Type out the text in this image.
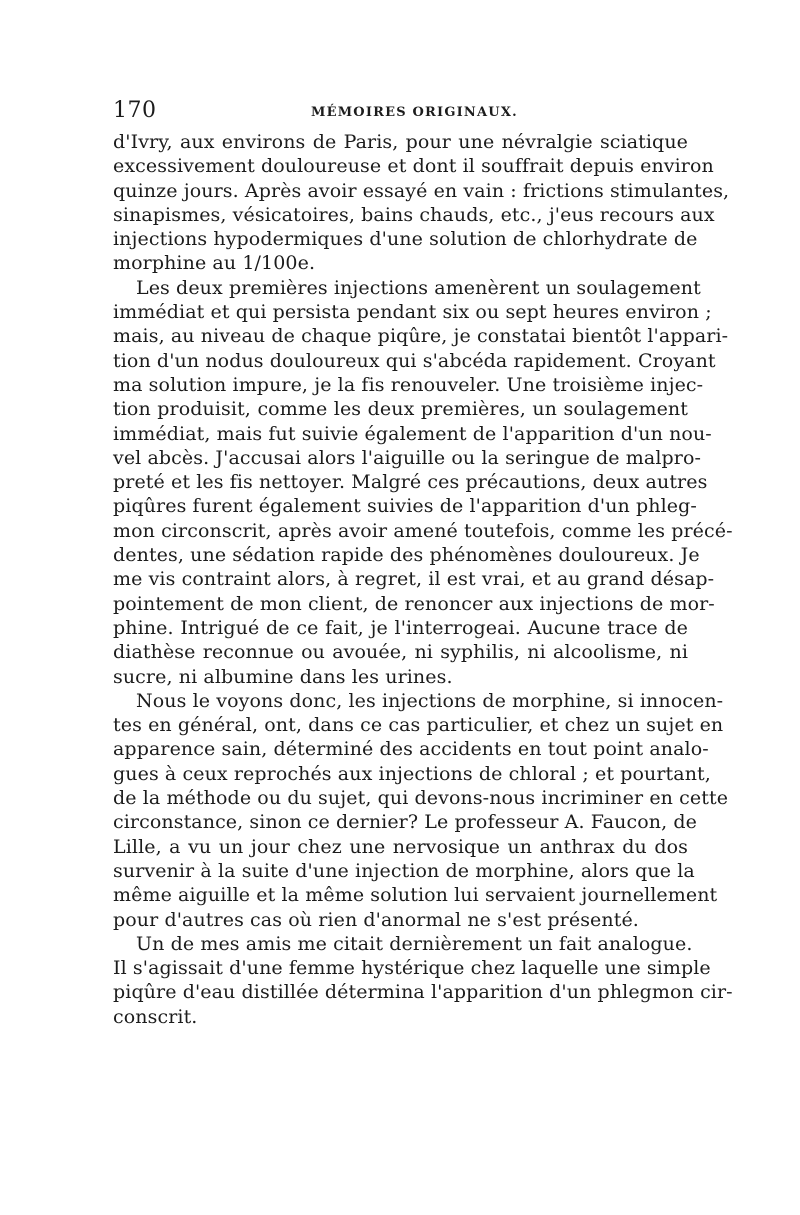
170	MÉMOIRES ORIGINAUX.
d'Ivry, aux environs de Paris, pour une névralgie sciatique
excessivement douloureuse et dont il souffrait depuis environ
quinze jours. Après avoir essayé en vain : frictions stimulantes,
sinapismes, vésicatoires, bains chauds, etc., j'eus recours aux
injections hypodermiques d'une solution de chlorhydrate de
morphine au 1/100e.
Les deux premières injections amenèrent un soulagement
immédiat et qui persista pendant six ou sept heures environ ;
mais, au niveau de chaque piqûre, je constatai bientôt l'appari-
tion d'un nodus douloureux qui s'abcéda rapidement. Croyant
ma solution impure, je la fis renouveler. Une troisième injec-
tion produisit, comme les deux premières, un soulagement
immédiat, mais fut suivie également de l'apparition d'un nou-
vel abcès. J'accusai alors l'aiguille ou la seringue de malpro-
preté et les fis nettoyer. Malgré ces précautions, deux autres
piqûres furent également suivies de l'apparition d'un phleg-
mon circonscrit, après avoir amené toutefois, comme les précé-
dentes, une sédation rapide des phénomènes douloureux. Je
me vis contraint alors, à regret, il est vrai, et au grand désap-
pointement de mon client, de renoncer aux injections de mor-
phine. Intrigué de ce fait, je l'interrogeai. Aucune trace de
diathèse reconnue ou avouée, ni syphilis, ni alcoolisme, ni
sucre, ni albumine dans les urines.
Nous le voyons donc, les injections de morphine, si innocen-
tes en général, ont, dans ce cas particulier, et chez un sujet en
apparence sain, déterminé des accidents en tout point analo-
gues à ceux reprochés aux injections de chloral ; et pourtant,
de la méthode ou du sujet, qui devons-nous incriminer en cette
circonstance, sinon ce dernier? Le professeur A. Faucon, de
Lille, a vu un jour chez une nervosique un anthrax du dos
survenir à la suite d'une injection de morphine, alors que la
même aiguille et la même solution lui servaient journellement
pour d'autres cas où rien d'anormal ne s'est présenté.
Un de mes amis me citait dernièrement un fait analogue.
Il s'agissait d'une femme hystérique chez laquelle une simple
piqûre d'eau distillée détermina l'apparition d'un phlegmon cir-
conscrit.
